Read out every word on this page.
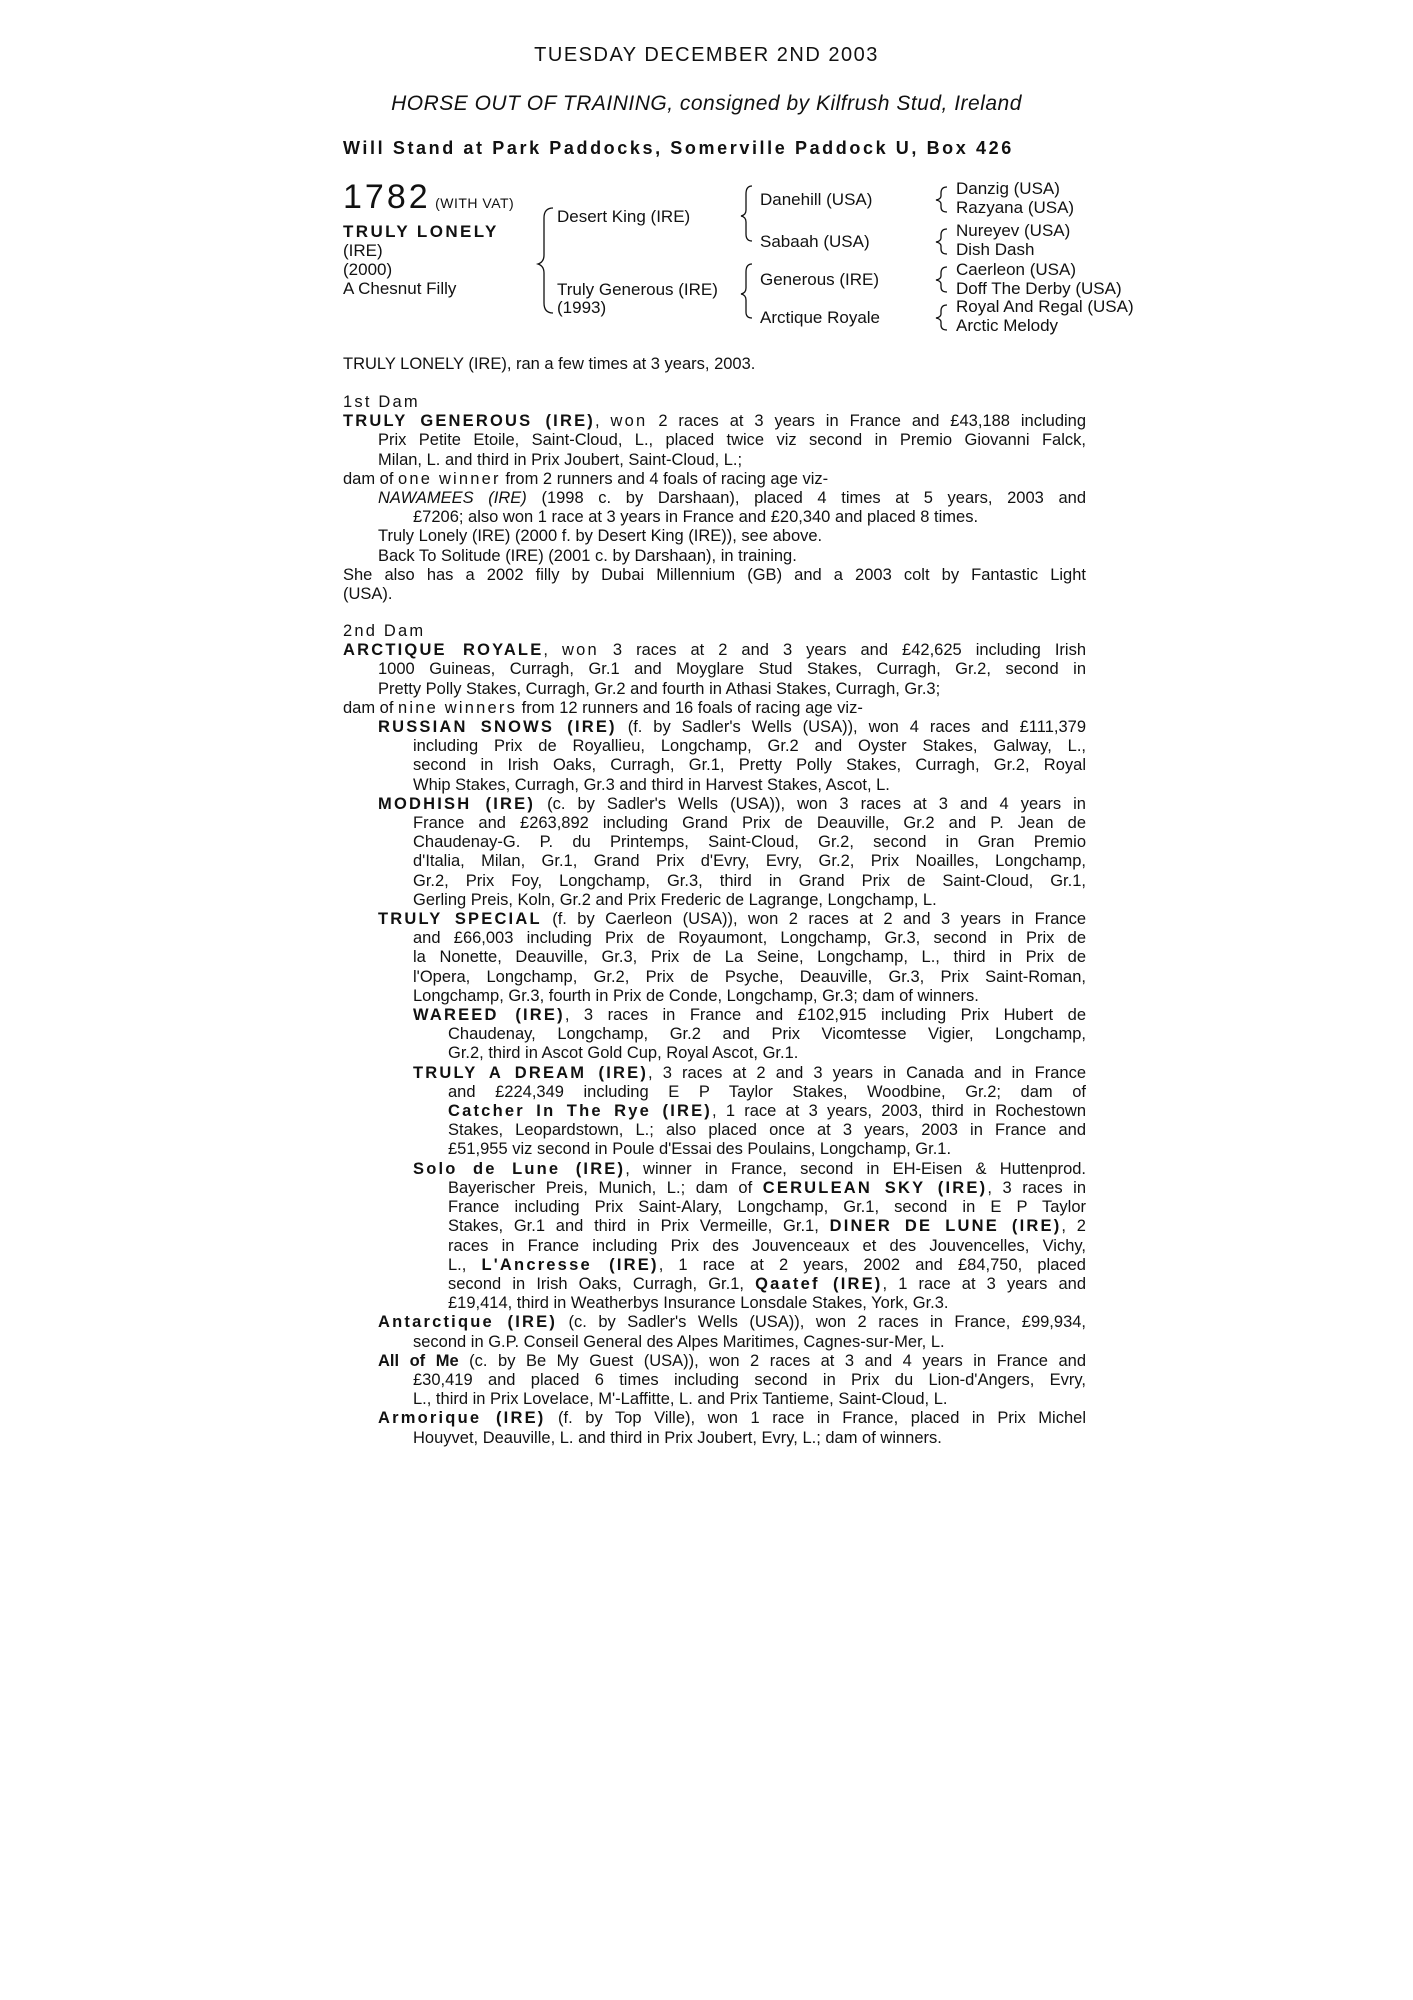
TUESDAY DECEMBER 2ND 2003
HORSE OUT OF TRAINING, consigned by Kilfrush Stud, Ireland
Will Stand at Park Paddocks, Somerville Paddock U, Box 426
1782 (WITH VAT)
TRULY LONELY
(IRE)
(2000)
A Chesnut Filly
Desert King (IRE)
Truly Generous (IRE)
(1993)
Danehill (USA)
Sabaah (USA)
Generous (IRE)
Arctique Royale
Danzig (USA)
Razyana (USA)
Nureyev (USA)
Dish Dash
Caerleon (USA)
Doff The Derby (USA)
Royal And Regal (USA)
Arctic Melody
TRULY LONELY (IRE), ran a few times at 3 years, 2003.
1st Dam
TRULY GENEROUS (IRE), won 2 races at 3 years in France and £43,188 including
Prix Petite Etoile, Saint-Cloud, L., placed twice viz second in Premio Giovanni Falck,
Milan, L. and third in Prix Joubert, Saint-Cloud, L.;
dam of one winner from 2 runners and 4 foals of racing age viz-
NAWAMEES (IRE) (1998 c. by Darshaan), placed 4 times at 5 years, 2003 and
£7206; also won 1 race at 3 years in France and £20,340 and placed 8 times.
Truly Lonely (IRE) (2000 f. by Desert King (IRE)), see above.
Back To Solitude (IRE) (2001 c. by Darshaan), in training.
She also has a 2002 filly by Dubai Millennium (GB) and a 2003 colt by Fantastic Light
(USA).
2nd Dam
ARCTIQUE ROYALE, won 3 races at 2 and 3 years and £42,625 including Irish
1000 Guineas, Curragh, Gr.1 and Moyglare Stud Stakes, Curragh, Gr.2, second in
Pretty Polly Stakes, Curragh, Gr.2 and fourth in Athasi Stakes, Curragh, Gr.3;
dam of nine winners from 12 runners and 16 foals of racing age viz-
RUSSIAN SNOWS (IRE) (f. by Sadler's Wells (USA)), won 4 races and £111,379
including Prix de Royallieu, Longchamp, Gr.2 and Oyster Stakes, Galway, L.,
second in Irish Oaks, Curragh, Gr.1, Pretty Polly Stakes, Curragh, Gr.2, Royal
Whip Stakes, Curragh, Gr.3 and third in Harvest Stakes, Ascot, L.
MODHISH (IRE) (c. by Sadler's Wells (USA)), won 3 races at 3 and 4 years in
France and £263,892 including Grand Prix de Deauville, Gr.2 and P. Jean de
Chaudenay-G. P. du Printemps, Saint-Cloud, Gr.2, second in Gran Premio
d'Italia, Milan, Gr.1, Grand Prix d'Evry, Evry, Gr.2, Prix Noailles, Longchamp,
Gr.2, Prix Foy, Longchamp, Gr.3, third in Grand Prix de Saint-Cloud, Gr.1,
Gerling Preis, Koln, Gr.2 and Prix Frederic de Lagrange, Longchamp, L.
TRULY SPECIAL (f. by Caerleon (USA)), won 2 races at 2 and 3 years in France
and £66,003 including Prix de Royaumont, Longchamp, Gr.3, second in Prix de
la Nonette, Deauville, Gr.3, Prix de La Seine, Longchamp, L., third in Prix de
l'Opera, Longchamp, Gr.2, Prix de Psyche, Deauville, Gr.3, Prix Saint-Roman,
Longchamp, Gr.3, fourth in Prix de Conde, Longchamp, Gr.3; dam of winners.
WAREED (IRE), 3 races in France and £102,915 including Prix Hubert de
Chaudenay, Longchamp, Gr.2 and Prix Vicomtesse Vigier, Longchamp,
Gr.2, third in Ascot Gold Cup, Royal Ascot, Gr.1.
TRULY A DREAM (IRE), 3 races at 2 and 3 years in Canada and in France
and £224,349 including E P Taylor Stakes, Woodbine, Gr.2; dam of
Catcher In The Rye (IRE), 1 race at 3 years, 2003, third in Rochestown
Stakes, Leopardstown, L.; also placed once at 3 years, 2003 in France and
£51,955 viz second in Poule d'Essai des Poulains, Longchamp, Gr.1.
Solo de Lune (IRE), winner in France, second in EH-Eisen & Huttenprod.
Bayerischer Preis, Munich, L.; dam of CERULEAN SKY (IRE), 3 races in
France including Prix Saint-Alary, Longchamp, Gr.1, second in E P Taylor
Stakes, Gr.1 and third in Prix Vermeille, Gr.1, DINER DE LUNE (IRE), 2
races in France including Prix des Jouvenceaux et des Jouvencelles, Vichy,
L., L'Ancresse (IRE), 1 race at 2 years, 2002 and £84,750, placed
second in Irish Oaks, Curragh, Gr.1, Qaatef (IRE), 1 race at 3 years and
£19,414, third in Weatherbys Insurance Lonsdale Stakes, York, Gr.3.
Antarctique (IRE) (c. by Sadler's Wells (USA)), won 2 races in France, £99,934,
second in G.P. Conseil General des Alpes Maritimes, Cagnes-sur-Mer, L.
All of Me (c. by Be My Guest (USA)), won 2 races at 3 and 4 years in France and
£30,419 and placed 6 times including second in Prix du Lion-d'Angers, Evry,
L., third in Prix Lovelace, M'-Laffitte, L. and Prix Tantieme, Saint-Cloud, L.
Armorique (IRE) (f. by Top Ville), won 1 race in France, placed in Prix Michel
Houyvet, Deauville, L. and third in Prix Joubert, Evry, L.; dam of winners.
